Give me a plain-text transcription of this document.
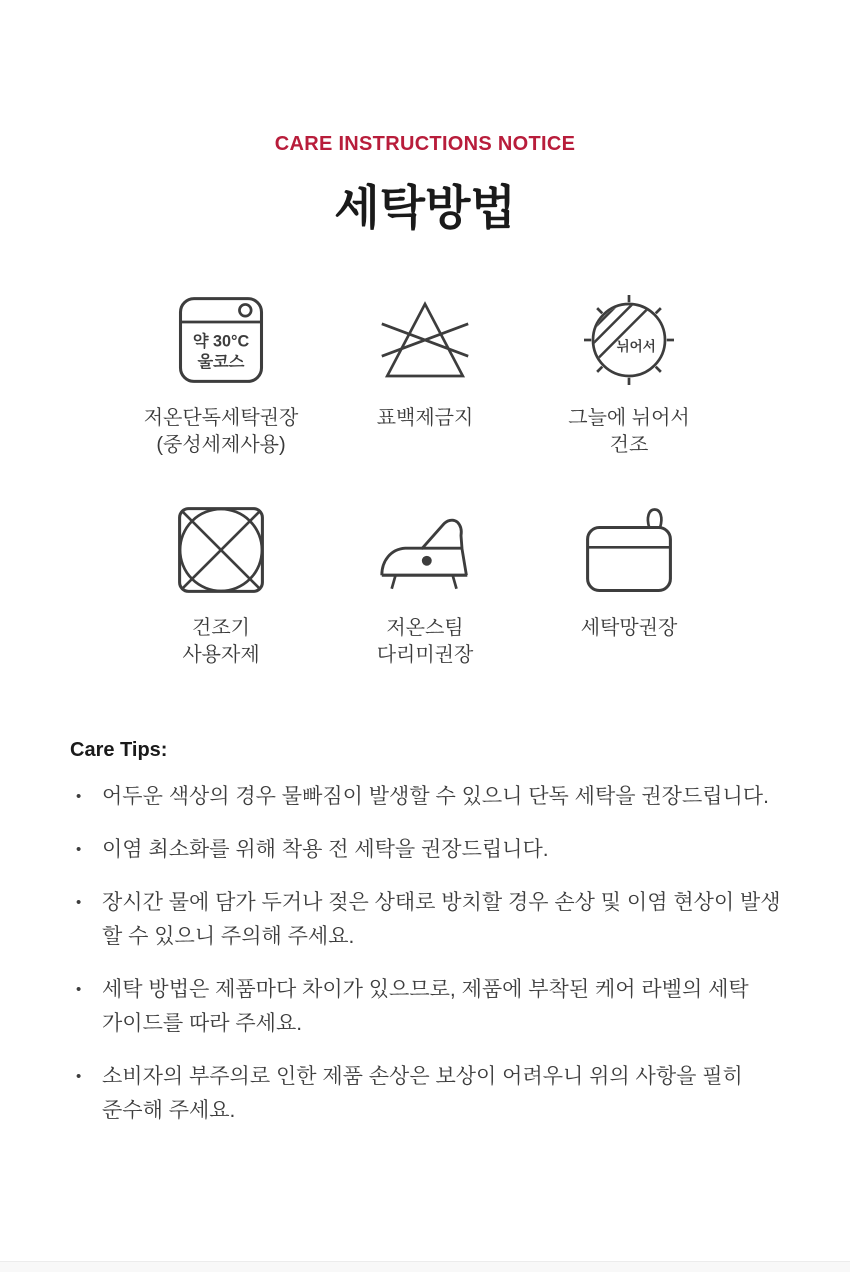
CARE INSTRUCTIONS NOTICE
세탁방법
약 30°C
울코스
저온단독세탁권장
(중성세제사용)
표백제금지
뉘어서
그늘에 뉘어서
건조
건조기
사용자제
저온스팀
다리미권장
세탁망권장
Care Tips:
• 어두운 색상의 경우 물빠짐이 발생할 수 있으니 단독 세탁을 권장드립니다.
• 이염 최소화를 위해 착용 전 세탁을 권장드립니다.
• 장시간 물에 담가 두거나 젖은 상태로 방치할 경우 손상 및 이염 현상이 발생
할 수 있으니 주의해 주세요.
• 세탁 방법은 제품마다 차이가 있으므로, 제품에 부착된 케어 라벨의 세탁
가이드를 따라 주세요.
• 소비자의 부주의로 인한 제품 손상은 보상이 어려우니 위의 사항을 필히
준수해 주세요.
